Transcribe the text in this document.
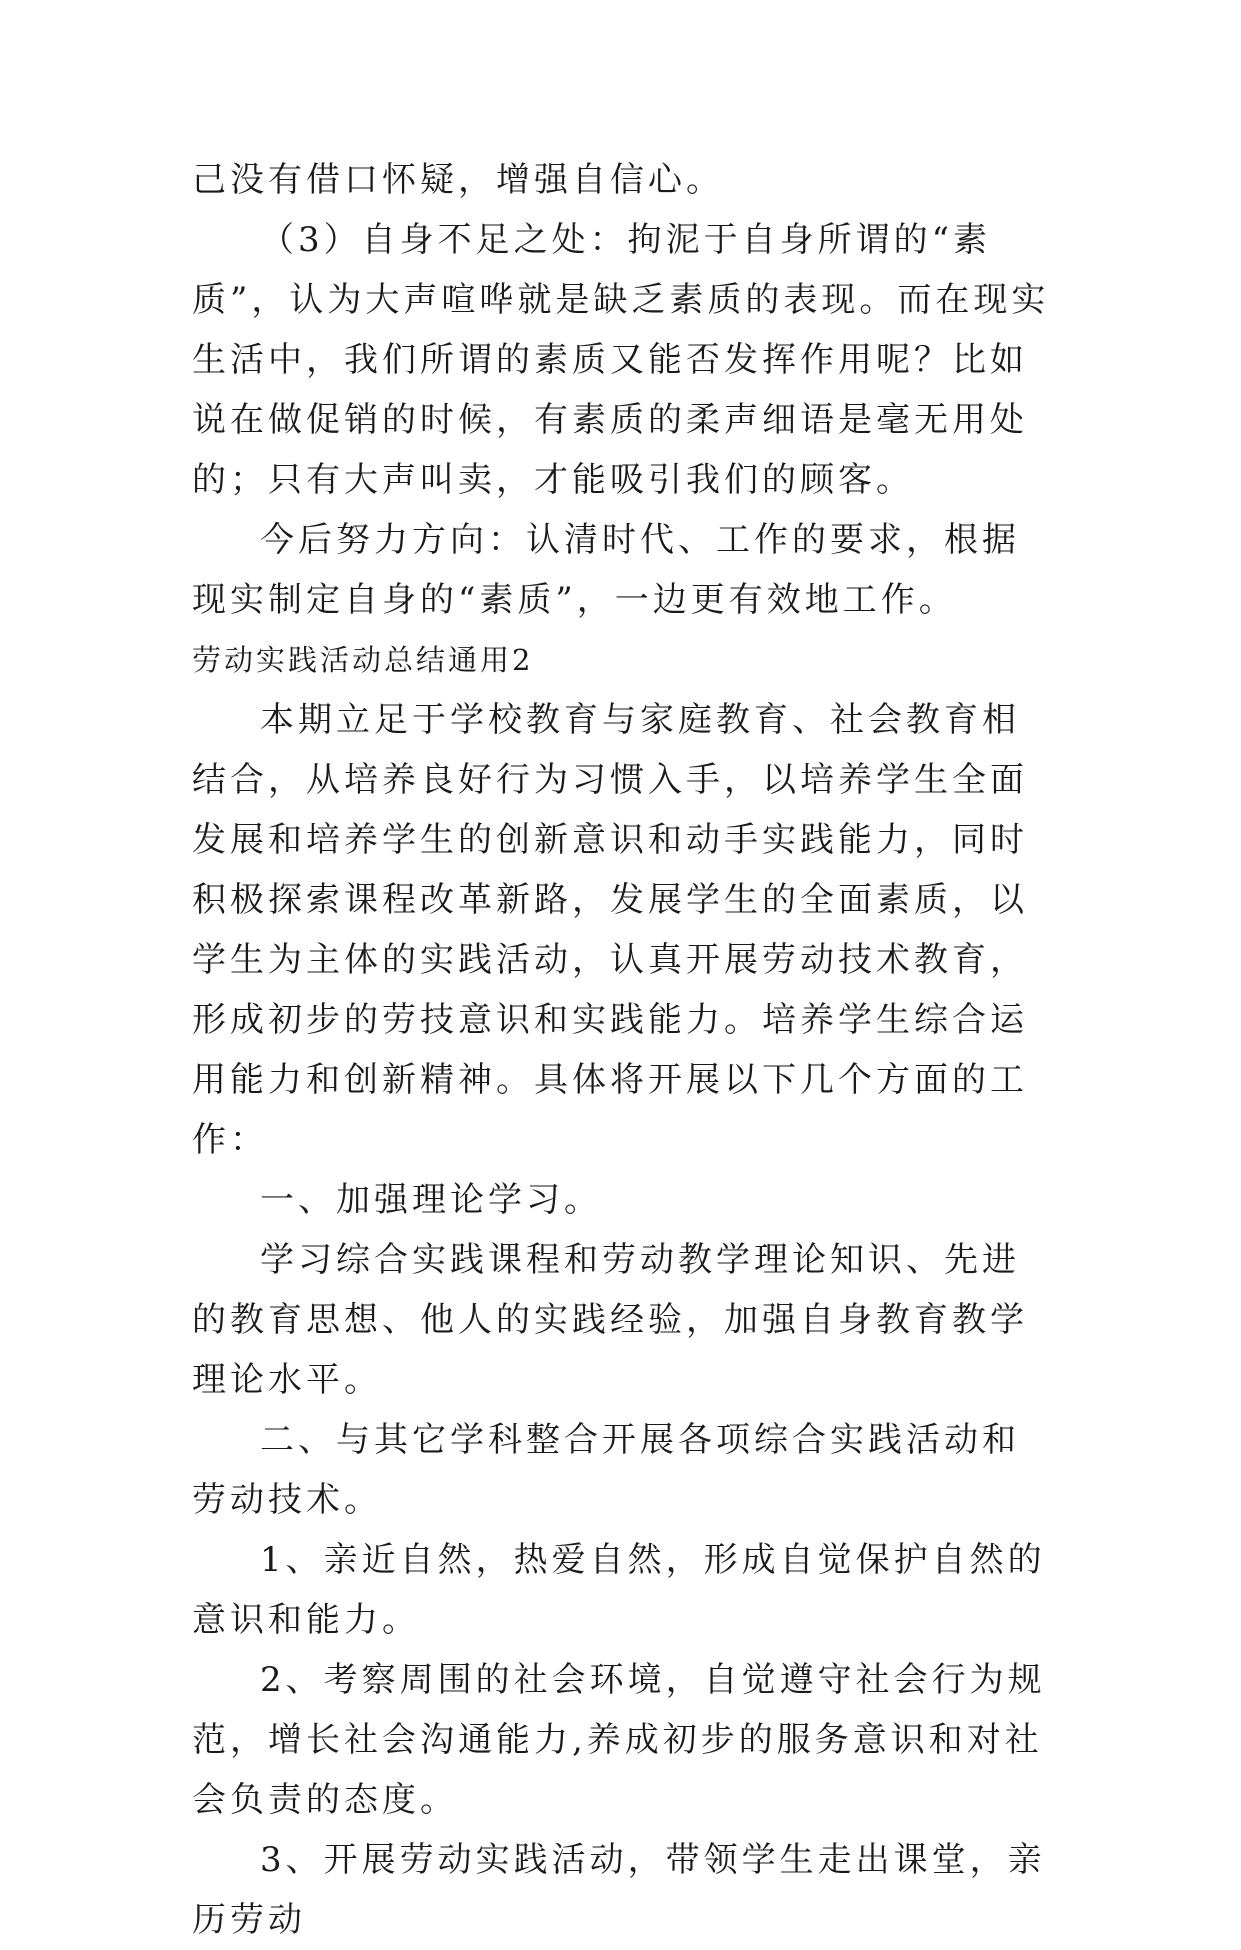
己没有借口怀疑，增强自信心。

（3）自身不足之处：拘泥于自身所谓的“素质”，认为大声喧哗就是缺乏素质的表现。而在现实生活中，我们所谓的素质又能否发挥作用呢？比如说在做促销的时候，有素质的柔声细语是毫无用处的；只有大声叫卖，才能吸引我们的顾客。

今后努力方向：认清时代、工作的要求，根据现实制定自身的“素质”，一边更有效地工作。

劳动实践活动总结通用2

本期立足于学校教育与家庭教育、社会教育相结合，从培养良好行为习惯入手，以培养学生全面发展和培养学生的创新意识和动手实践能力，同时积极探索课程改革新路，发展学生的全面素质，以学生为主体的实践活动，认真开展劳动技术教育，形成初步的劳技意识和实践能力。培养学生综合运用能力和创新精神。具体将开展以下几个方面的工作：

一、加强理论学习。

学习综合实践课程和劳动教学理论知识、先进的教育思想、他人的实践经验，加强自身教育教学理论水平。

二、与其它学科整合开展各项综合实践活动和劳动技术。

1、亲近自然，热爱自然，形成自觉保护自然的意识和能力。

2、考察周围的社会环境，自觉遵守社会行为规范，增长社会沟通能力,养成初步的服务意识和对社会负责的态度。

3、开展劳动实践活动，带领学生走出课堂，亲历劳动
